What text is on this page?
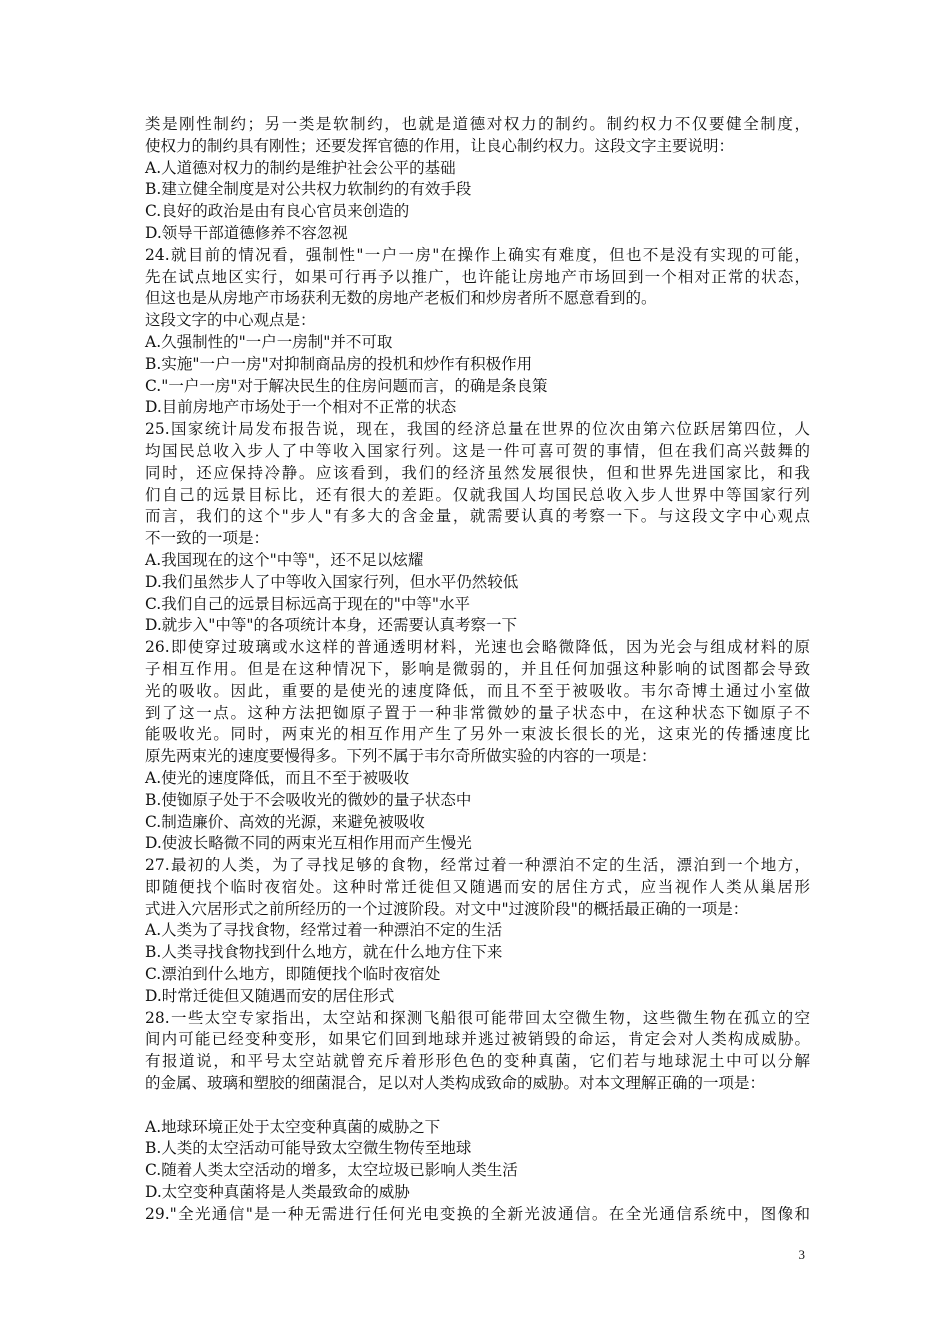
类是刚性制约；另一类是软制约，也就是道德对权力的制约。制约权力不仅要健全制度，
使权力的制约具有刚性；还要发挥官德的作用，让良心制约权力。这段文字主要说明：
A.人道德对权力的制约是维护社会公平的基础
B.建立健全制度是对公共权力软制约的有效手段
C.良好的政治是由有良心官员来创造的
D.领导干部道德修养不容忽视
24.就目前的情况看，强制性"一户一房"在操作上确实有难度，但也不是没有实现的可能，
先在试点地区实行，如果可行再予以推广，也许能让房地产市场回到一个相对正常的状态，
但这也是从房地产市场获利无数的房地产老板们和炒房者所不愿意看到的。
这段文字的中心观点是：
A.久强制性的"一户一房制"并不可取
B.实施"一户一房"对抑制商品房的投机和炒作有积极作用
C."一户一房"对于解决民生的住房问题而言，的确是条良策
D.目前房地产市场处于一个相对不正常的状态
25.国家统计局发布报告说，现在，我国的经济总量在世界的位次由第六位跃居第四位，人
均国民总收入步人了中等收入国家行列。这是一件可喜可贺的事情，但在我们高兴鼓舞的
同时，还应保持冷静。应该看到，我们的经济虽然发展很快，但和世界先进国家比，和我
们自己的远景目标比，还有很大的差距。仅就我国人均国民总收入步人世界中等国家行列
而言，我们的这个"步人"有多大的含金量，就需要认真的考察一下。与这段文字中心观点
不一致的一项是：
A.我国现在的这个"中等"，还不足以炫耀
D.我们虽然步人了中等收入国家行列，但水平仍然较低
C.我们自己的远景目标远高于现在的"中等"水平
D.就步入"中等"的各项统计本身，还需要认真考察一下
26.即使穿过玻璃或水这样的普通透明材料，光速也会略微降低，因为光会与组成材料的原
子相互作用。但是在这种情况下，影响是微弱的，并且任何加强这种影响的试图都会导致
光的吸收。因此，重要的是使光的速度降低，而且不至于被吸收。韦尔奇博土通过小室做
到了这一点。这种方法把铷原子置于一种非常微妙的量子状态中，在这种状态下铷原子不
能吸收光。同时，两束光的相互作用产生了另外一束波长很长的光，这束光的传播速度比
原先两束光的速度要慢得多。下列不属于韦尔奇所做实验的内容的一项是：
A.使光的速度降低，而且不至于被吸收
B.使铷原子处于不会吸收光的微妙的量子状态中
C.制造廉价、高效的光源，来避免被吸收
D.使波长略微不同的两束光互相作用而产生慢光
27.最初的人类，为了寻找足够的食物，经常过着一种漂泊不定的生活，漂泊到一个地方，
即随便找个临时夜宿处。这种时常迁徙但又随遇而安的居住方式，应当视作人类从巢居形
式进入穴居形式之前所经历的一个过渡阶段。对文中"过渡阶段"的概括最正确的一项是：
A.人类为了寻找食物，经常过着一种漂泊不定的生活
B.人类寻找食物找到什么地方，就在什么地方住下来
C.漂泊到什么地方，即随便找个临时夜宿处
D.时常迁徙但又随遇而安的居住形式
28.一些太空专家指出，太空站和探测飞船很可能带回太空微生物，这些微生物在孤立的空
间内可能已经变种变形，如果它们回到地球并逃过被销毁的命运，肯定会对人类构成威胁。
有报道说，和平号太空站就曾充斥着形形色色的变种真菌，它们若与地球泥土中可以分解
的金属、玻璃和塑胶的细菌混合，足以对人类构成致命的威胁。对本文理解正确的一项是：
A.地球环境正处于太空变种真菌的威胁之下
B.人类的太空活动可能导致太空微生物传至地球
C.随着人类太空活动的增多，太空垃圾已影响人类生活
D.太空变种真菌将是人类最致命的威胁
29."全光通信"是一种无需进行任何光电变换的全新光波通信。在全光通信系统中，图像和
3
